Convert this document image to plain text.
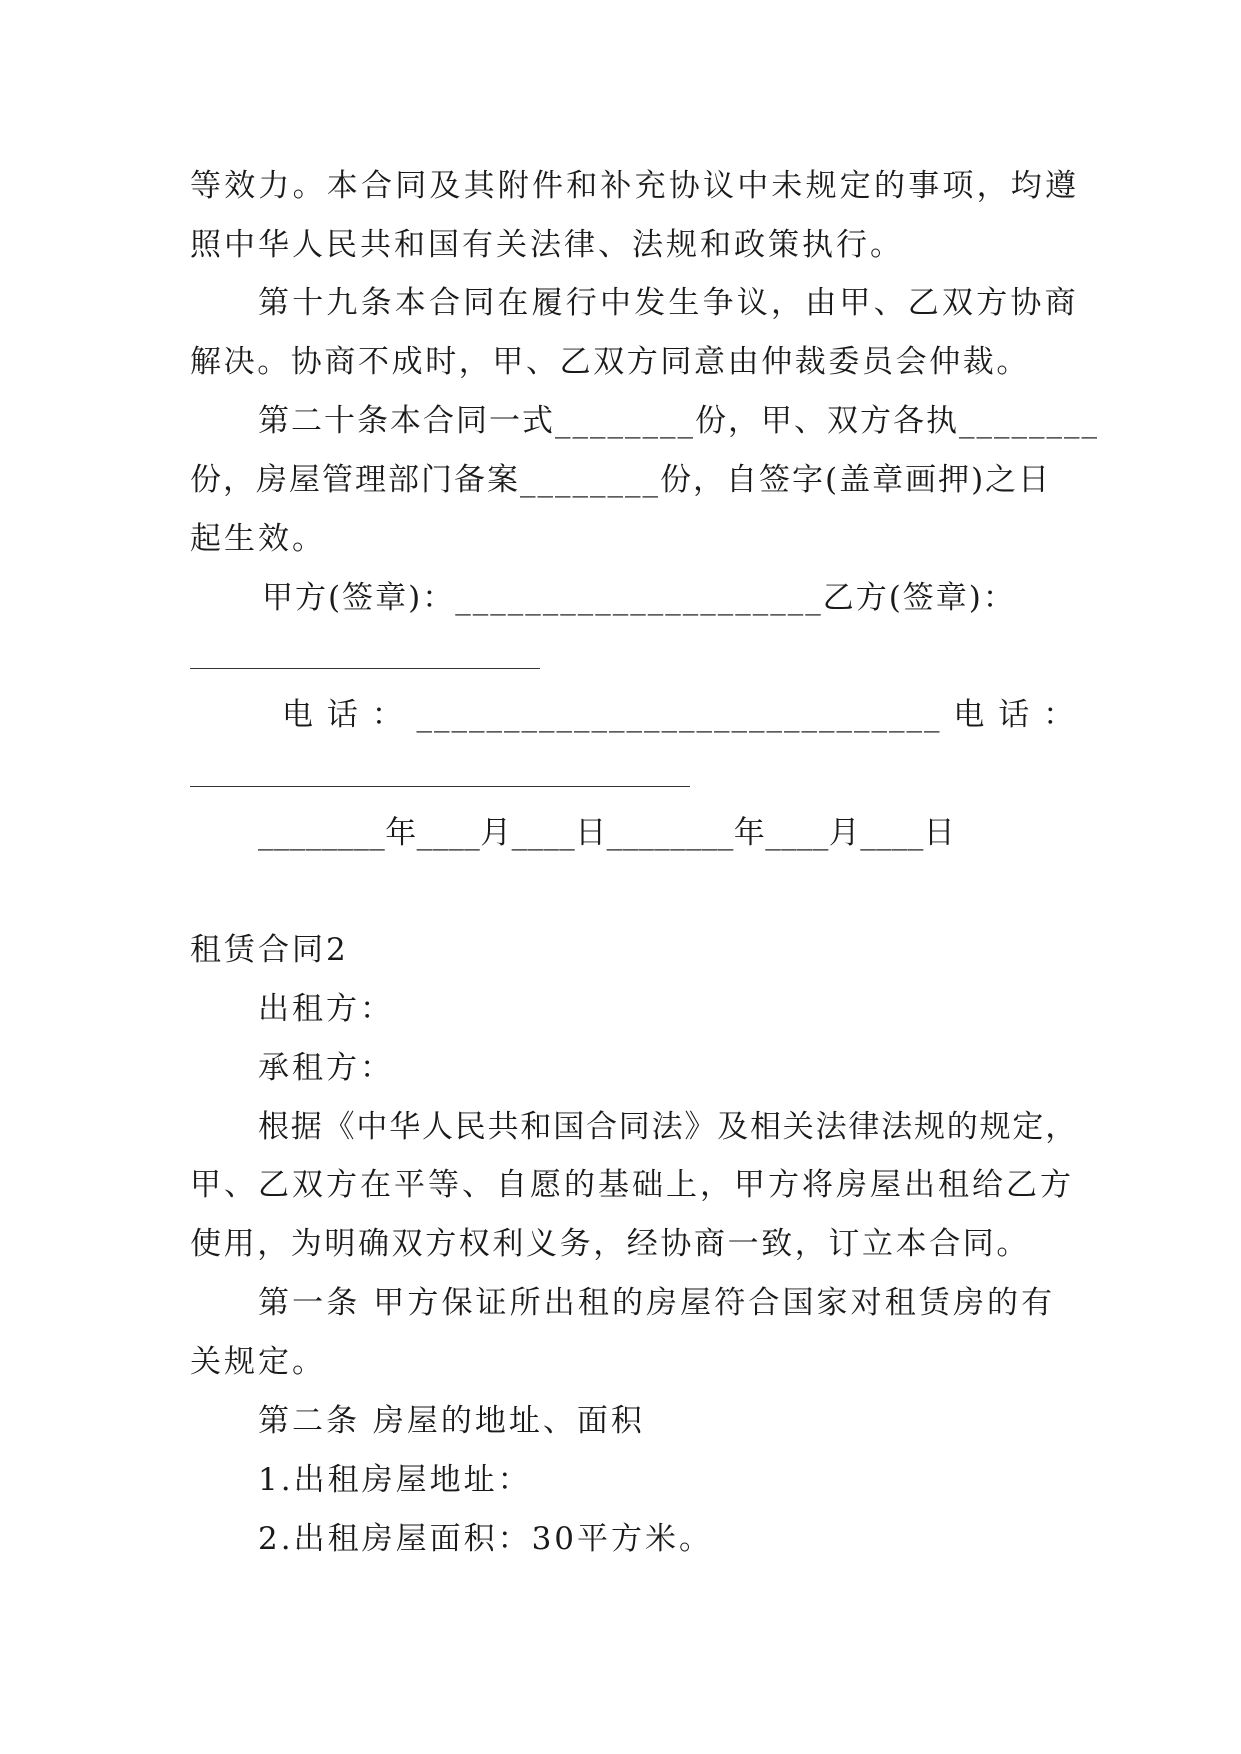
等效力。本合同及其附件和补充协议中未规定的事项，均遵
照中华人民共和国有关法律、法规和政策执行。
第十九条本合同在履行中发生争议，由甲、乙双方协商
解决。协商不成时，甲、乙双方同意由仲裁委员会仲裁。
第二十条本合同一式________份，甲、双方各执________
份，房屋管理部门备案________份，自签字(盖章画押)之日
起生效。
甲方(签章)：_____________________乙方(签章)：
电 话 ： ______________________________ 电 话 ：
________年____月____日________年____月____日
租赁合同2
出租方：
承租方：
根据《中华人民共和国合同法》及相关法律法规的规定，
甲、乙双方在平等、自愿的基础上，甲方将房屋出租给乙方
使用，为明确双方权利义务，经协商一致，订立本合同。
第一条 甲方保证所出租的房屋符合国家对租赁房的有
关规定。
第二条 房屋的地址、面积
1.出租房屋地址：
2.出租房屋面积：30平方米。
